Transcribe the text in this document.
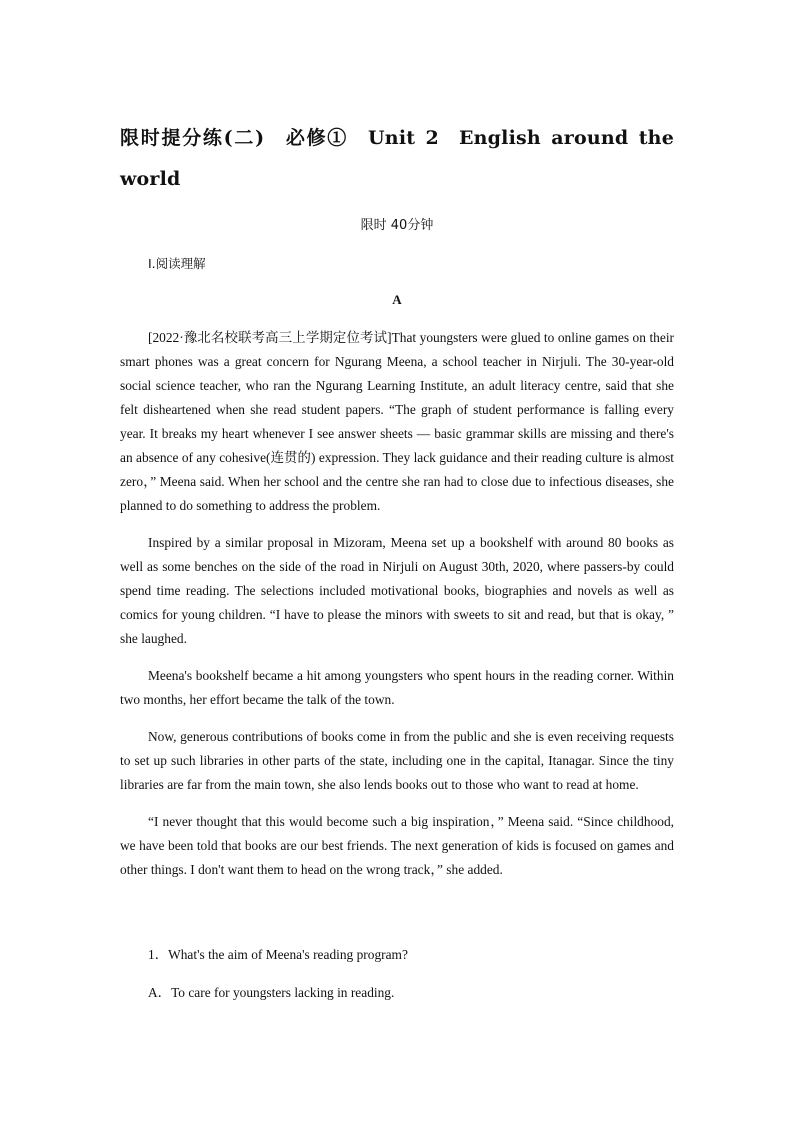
限时提分练(二) 必修① Unit 2 English around the world
限时 40分钟
Ⅰ.阅读理解
A

[2022·豫北名校联考高三上学期定位考试]That youngsters were glued to online games on their smart phones was a great concern for Ngurang Meena, a school teacher in Nirjuli. The 30-year-old social science teacher, who ran the Ngurang Learning Institute, an adult literacy centre, said that she felt disheartened when she read student papers. “The graph of student performance is falling every year. It breaks my heart whenever I see answer sheets — basic grammar skills are missing and there's an absence of any cohesive(连贯的) expression. They lack guidance and their reading culture is almost zero，” Meena said. When her school and the centre she ran had to close due to infectious diseases, she planned to do something to address the problem.

Inspired by a similar proposal in Mizoram, Meena set up a bookshelf with around 80 books as well as some benches on the side of the road in Nirjuli on August 30th, 2020, where passers-by could spend time reading. The selections included motivational books, biographies and novels as well as comics for young children. “I have to please the minors with sweets to sit and read, but that is okay, ” she laughed.

Meena's bookshelf became a hit among youngsters who spent hours in the reading corner. Within two months, her effort became the talk of the town.

Now, generous contributions of books come in from the public and she is even receiving requests to set up such libraries in other parts of the state, including one in the capital, Itanagar. Since the tiny libraries are far from the main town, she also lends books out to those who want to read at home.

“I never thought that this would become such a big inspiration，” Meena said. “Since childhood, we have been told that books are our best friends. The next generation of kids is focused on games and other things. I don't want them to head on the wrong track，” she added.

1．What's the aim of Meena's reading program?
A．To care for youngsters lacking in reading.
